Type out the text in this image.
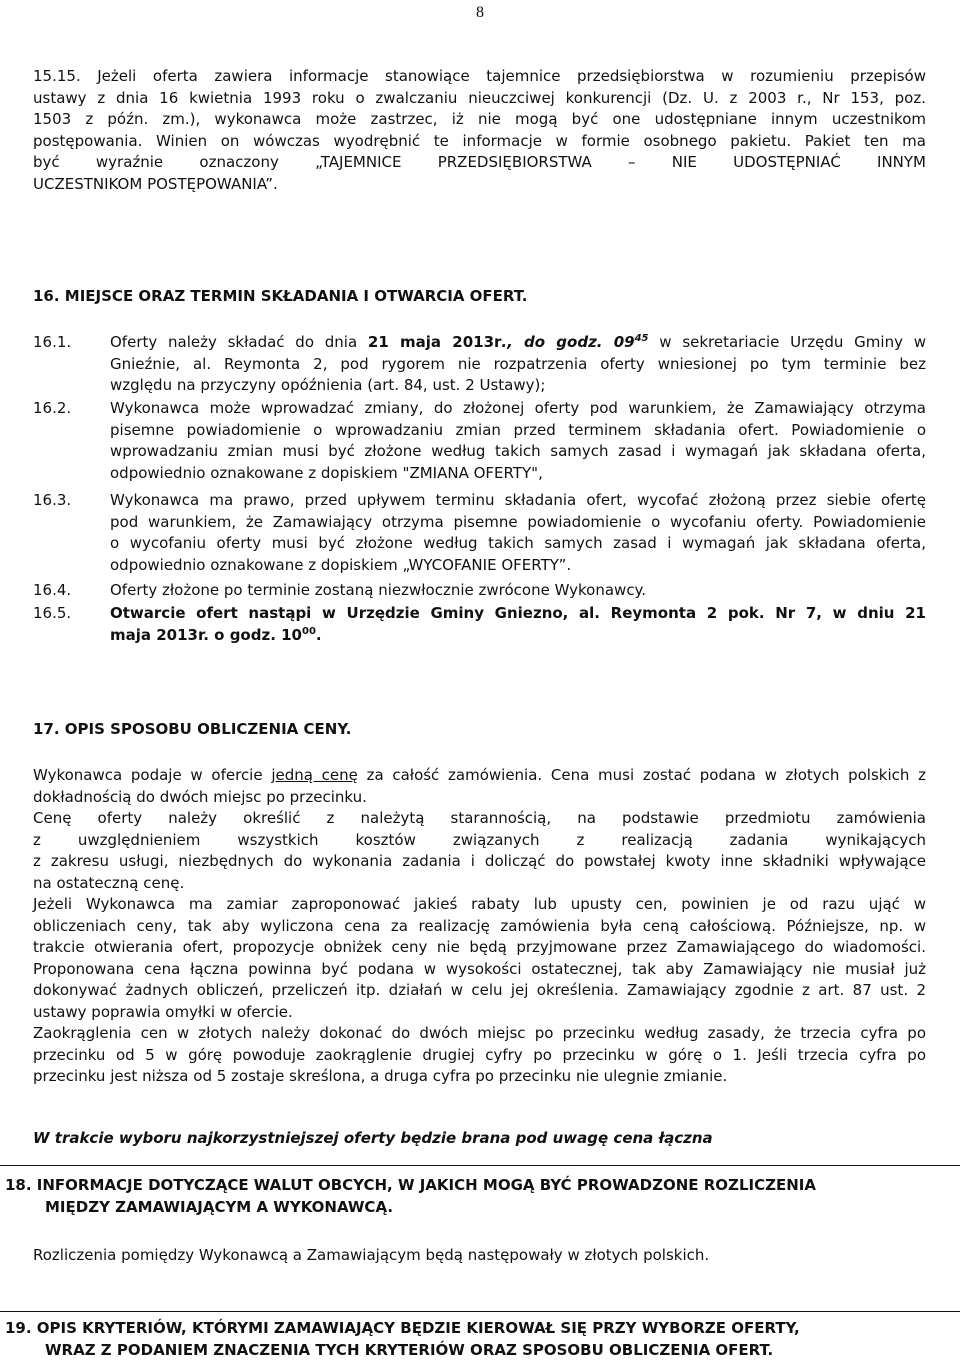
8
15.15. Jeżeli oferta zawiera informacje stanowiące tajemnice przedsiębiorstwa w rozumieniu przepisów
ustawy z dnia 16 kwietnia 1993 roku o zwalczaniu nieuczciwej konkurencji (Dz. U. z 2003 r., Nr 153, poz.
1503 z późn. zm.), wykonawca może zastrzec, iż nie mogą być one udostępniane innym uczestnikom
postępowania. Winien on wówczas wyodrębnić te informacje w formie osobnego pakietu. Pakiet ten ma
być wyraźnie oznaczony „TAJEMNICE PRZEDSIĘBIORSTWA – NIE UDOSTĘPNIAĆ INNYM
UCZESTNIKOM POSTĘPOWANIA”.
16. MIEJSCE ORAZ TERMIN SKŁADANIA I OTWARCIA OFERT.
16.1.	Oferty należy składać do dnia 21 maja 2013r., do godz. $09^{45}$ w sekretariacie Urzędu Gminy w
Gnieźnie, al. Reymonta 2, pod rygorem nie rozpatrzenia oferty wniesionej po tym terminie bez
względu na przyczyny opóźnienia (art. 84, ust. 2 Ustawy);
16.2.	Wykonawca może wprowadzać zmiany, do złożonej oferty pod warunkiem, że Zamawiający otrzyma
pisemne powiadomienie o wprowadzaniu zmian przed terminem składania ofert. Powiadomienie o
wprowadzaniu zmian musi być złożone według takich samych zasad i wymagań jak składana oferta,
odpowiednio oznakowane z dopiskiem "ZMIANA OFERTY",
16.3.	Wykonawca ma prawo, przed upływem terminu składania ofert, wycofać złożoną przez siebie ofertę
pod warunkiem, że Zamawiający otrzyma pisemne powiadomienie o wycofaniu oferty. Powiadomienie
o wycofaniu oferty musi być złożone według takich samych zasad i wymagań jak składana oferta,
odpowiednio oznakowane z dopiskiem „WYCOFANIE OFERTY”.
16.4.	Oferty złożone po terminie zostaną niezwłocznie zwrócone Wykonawcy.
16.5.	Otwarcie ofert nastąpi w Urzędzie Gminy Gniezno, al. Reymonta 2 pok. Nr 7, w dniu 21
maja 2013r. o godz. $10^{00}$.
17. OPIS SPOSOBU OBLICZENIA CENY.
Wykonawca podaje w ofercie jedną cenę za całość zamówienia. Cena musi zostać podana w złotych polskich z
dokładnością do dwóch miejsc po przecinku.
Cenę oferty należy określić z należytą starannością, na podstawie przedmiotu zamówienia
z uwzględnieniem wszystkich kosztów związanych z realizacją zadania wynikających
z zakresu usługi, niezbędnych do wykonania zadania i dolicząć do powstałej kwoty inne składniki wpływające
na ostateczną cenę.
Jeżeli Wykonawca ma zamiar zaproponować jakieś rabaty lub upusty cen, powinien je od razu ująć w
obliczeniach ceny, tak aby wyliczona cena za realizację zamówienia była ceną całościową. Późniejsze, np. w
trakcie otwierania ofert, propozycje obniżek ceny nie będą przyjmowane przez Zamawiającego do wiadomości.
Proponowana cena łączna powinna być podana w wysokości ostatecznej, tak aby Zamawiający nie musiał już
dokonywać żadnych obliczeń, przeliczeń itp. działań w celu jej określenia. Zamawiający zgodnie z art. 87 ust. 2
ustawy poprawia omyłki w ofercie.
Zaokrąglenia cen w złotych należy dokonać do dwóch miejsc po przecinku według zasady, że trzecia cyfra po
przecinku od 5 w górę powoduje zaokrąglenie drugiej cyfry po przecinku w górę o 1. Jeśli trzecia cyfra po
przecinku jest niższa od 5 zostaje skreślona, a druga cyfra po przecinku nie ulegnie zmianie.
W trakcie wyboru najkorzystniejszej oferty będzie brana pod uwagę cena łączna
18. INFORMACJE DOTYCZĄCE WALUT OBCYCH, W JAKICH MOGĄ BYĆ PROWADZONE ROZLICZENIA
MIĘDZY ZAMAWIAJĄCYM A WYKONAWCĄ.
Rozliczenia pomiędzy Wykonawcą a Zamawiającym będą następowały w złotych polskich.
19. OPIS KRYTERIÓW, KTÓRYMI ZAMAWIAJĄCY BĘDZIE KIEROWAŁ SIĘ PRZY WYBORZE OFERTY,
WRAZ Z PODANIEM ZNACZENIA TYCH KRYTERIÓW ORAZ SPOSOBU OBLICZENIA OFERT.
